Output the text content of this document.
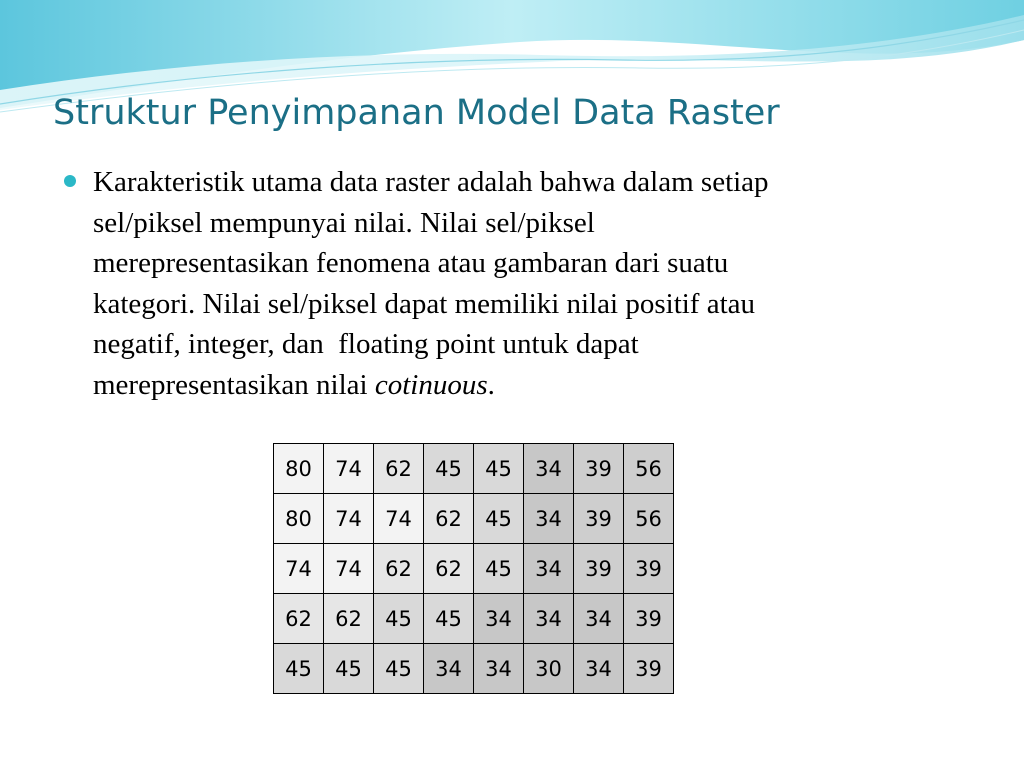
Struktur Penyimpanan Model Data Raster
Karakteristik utama data raster adalah bahwa dalam setiap
sel/piksel mempunyai nilai. Nilai sel/piksel
merepresentasikan fenomena atau gambaran dari suatu
kategori. Nilai sel/piksel dapat memiliki nilai positif atau
negatif, integer, dan  floating point untuk dapat
merepresentasikan nilai cotinuous.
80	74	62	45	45	34	39	56
80	74	74	62	45	34	39	56
74	74	62	62	45	34	39	39
62	62	45	45	34	34	34	39
45	45	45	34	34	30	34	39
